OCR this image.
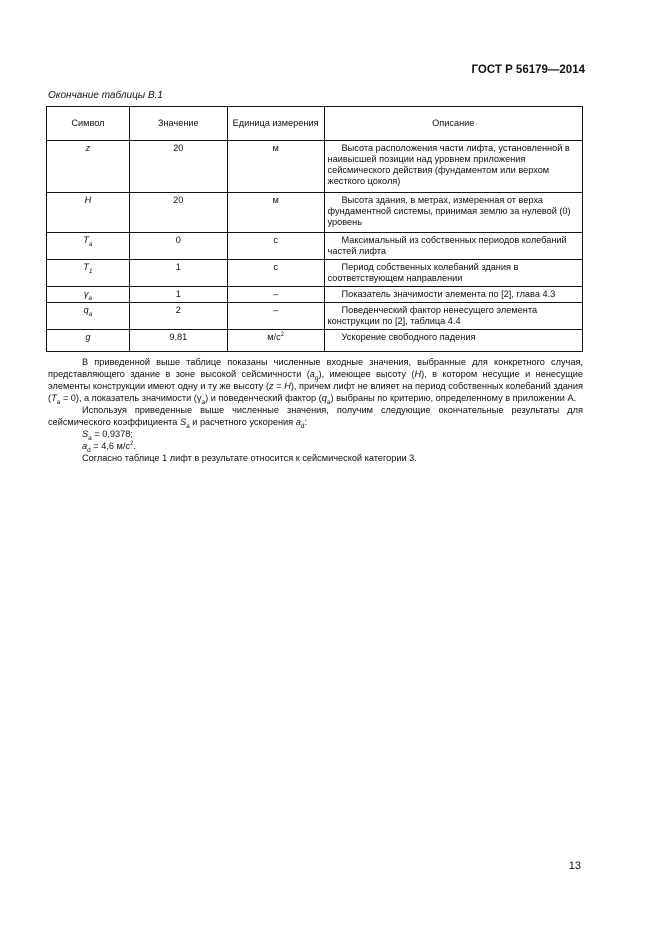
ГОСТ Р 56179—2014
Окончание таблицы В.1
Символ	Значение	Единица измерения	Описание
z	20	м	Высота расположения части лифта, установленной в наивысшей позиции над уровнем приложения сейсмического действия (фундаментом или верхом жесткого цоколя)
H	20	м	Высота здания, в метрах, измеренная от верха фундаментной системы, принимая землю за нулевой (0) уровень
$T_a$	0	с	Максимальный из собственных периодов колебаний частей лифта
$T_1$	1	с	Период собственных колебаний здания в соответствующем направлении
$\gamma_a$	1	–	Показатель значимости элемента по [2], глава 4.3
$q_a$	2	–	Поведенческий фактор ненесущего элемента конструкции по [2], таблица 4.4
g	9,81	$м/с^2$	Ускорение свободного падения

В приведенной выше таблице показаны численные входные значения, выбранные для конкретного случая, представляющего здание в зоне высокой сейсмичности $(a_g)$, имеющее высоту (H), в котором несущие и ненесущие элементы конструкции имеют одну и ту же высоту (z = H), причем лифт не влияет на период собственных колебаний здания $(T_a = 0)$, а показатель значимости $(\gamma_a)$ и поведенческий фактор $(q_a)$ выбраны по критерию, определенному в приложении А.

Используя приведенные выше численные значения, получим следующие окончательные результаты для сейсмического коэффициента $S_a$ и расчетного ускорения $a_d$:

$S_a = 0,9378$;

$a_d = 4,6$ $м/с^2$.

Согласно таблице 1 лифт в результате относится к сейсмической категории 3.

13
